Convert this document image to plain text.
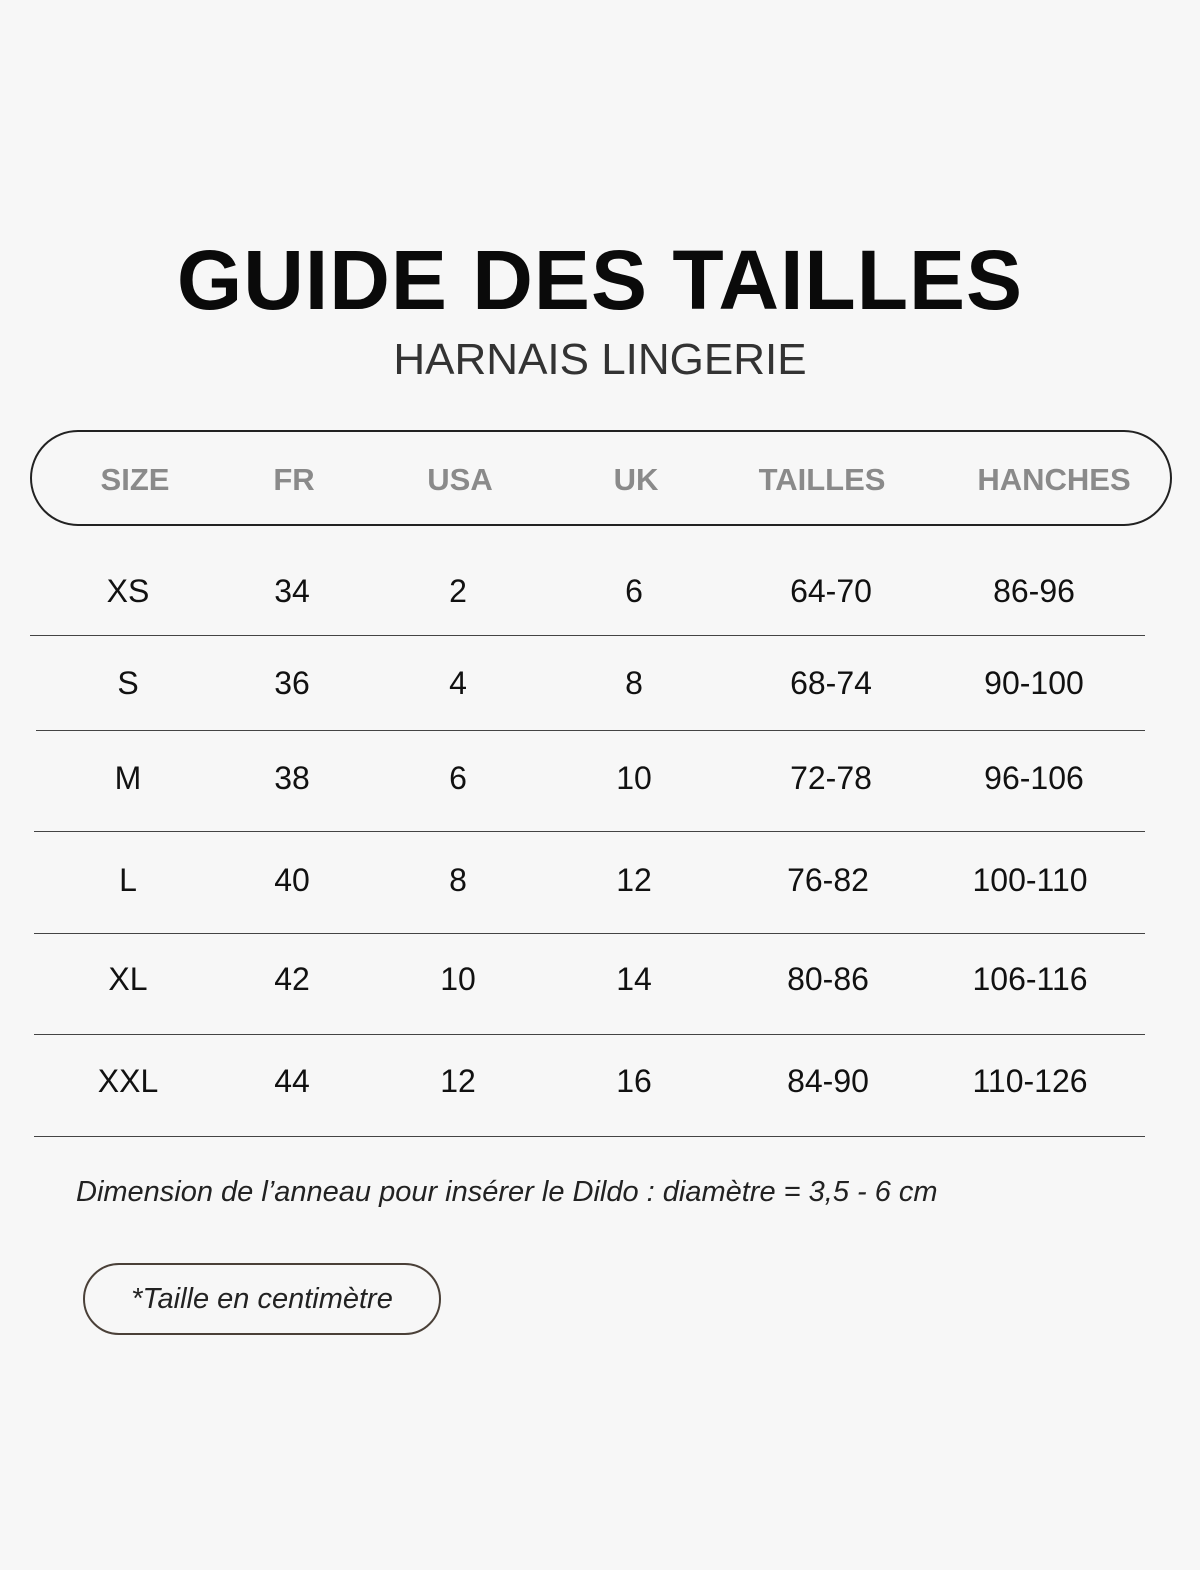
GUIDE DES TAILLES
HARNAIS LINGERIE
SIZE	FR	USA	UK	TAILLES	HANCHES
XS	34	2	6	64-70	86-96
S	36	4	8	68-74	90-100
M	38	6	10	72-78	96-106
L	40	8	12	76-82	100-110
XL	42	10	14	80-86	106-116
XXL	44	12	16	84-90	110-126
Dimension de l’anneau pour insérer le Dildo : diamètre = 3,5 - 6 cm
*Taille en centimètre
